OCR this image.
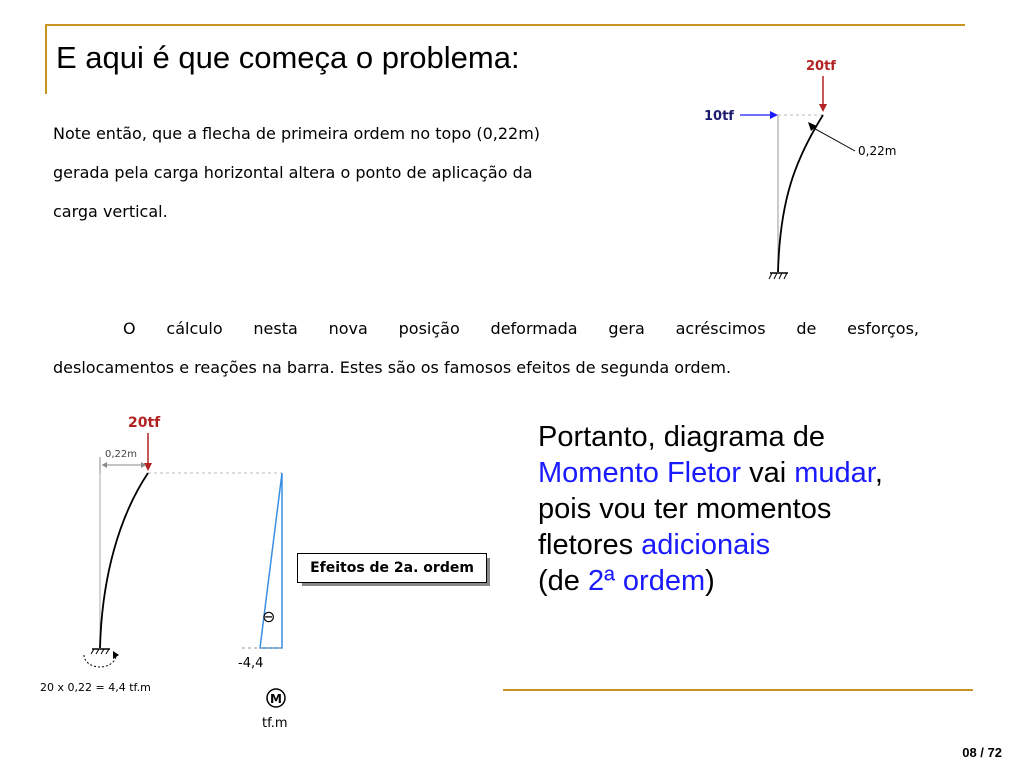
E aqui é que começa o problema:
Note então, que a flecha de primeira ordem no topo (0,22m)
gerada pela carga horizontal altera o ponto de aplicação da
carga vertical.
20tf
10tf
0,22m
O cálculo nesta nova posição deformada gera acréscimos de esforços,
deslocamentos e reações na barra. Estes são os famosos efeitos de segunda ordem.
20tf
0,22m
20 x 0,22 = 4,4 tf.m
⊖
-4,4
M
tf.m
Efeitos de 2a. ordem
Portanto, diagrama de
Momento Fletor vai mudar,
pois vou ter momentos
fletores adicionais
(de 2ª ordem)
08 / 72
